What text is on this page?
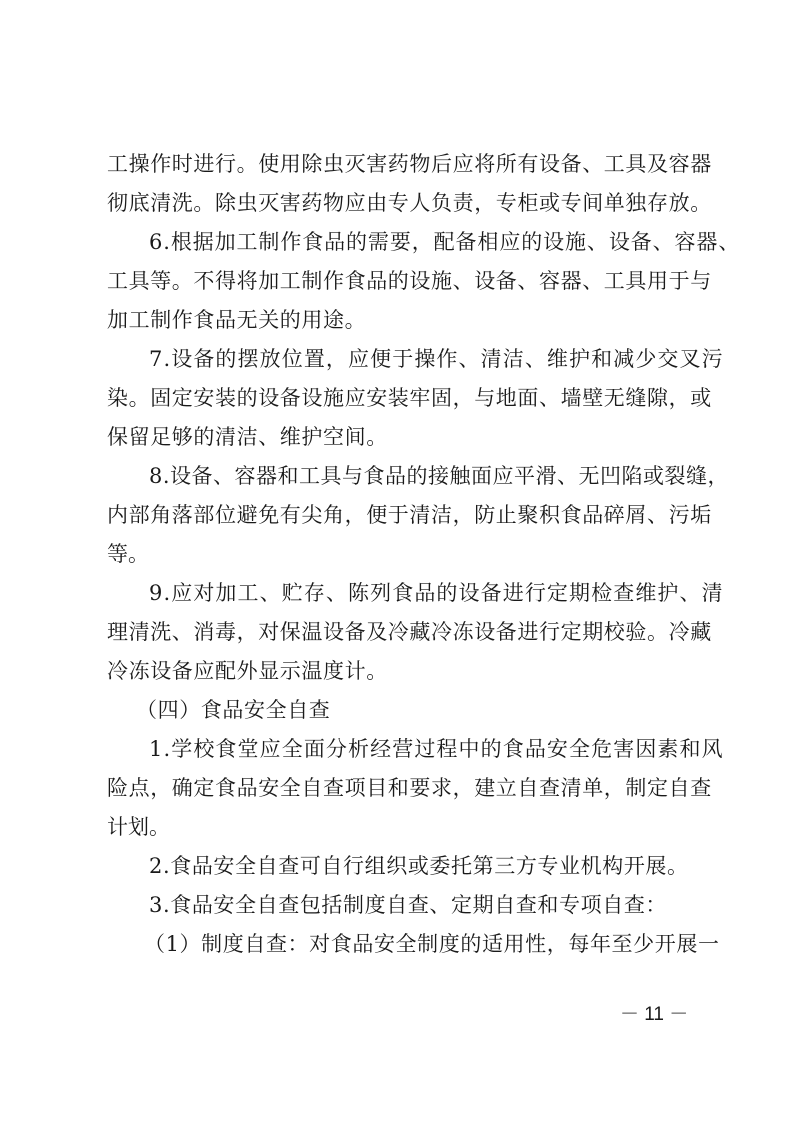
工操作时进行。使用除虫灭害药物后应将所有设备、工具及容器
彻底清洗。除虫灭害药物应由专人负责，专柜或专间单独存放。
6.根据加工制作食品的需要，配备相应的设施、设备、容器、
工具等。不得将加工制作食品的设施、设备、容器、工具用于与
加工制作食品无关的用途。
7.设备的摆放位置，应便于操作、清洁、维护和减少交叉污
染。固定安装的设备设施应安装牢固，与地面、墙壁无缝隙，或
保留足够的清洁、维护空间。
8.设备、容器和工具与食品的接触面应平滑、无凹陷或裂缝，
内部角落部位避免有尖角，便于清洁，防止聚积食品碎屑、污垢
等。
9.应对加工、贮存、陈列食品的设备进行定期检查维护、清
理清洗、消毒，对保温设备及冷藏冷冻设备进行定期校验。冷藏
冷冻设备应配外显示温度计。
（四）食品安全自查
1.学校食堂应全面分析经营过程中的食品安全危害因素和风
险点，确定食品安全自查项目和要求，建立自查清单，制定自查
计划。
2.食品安全自查可自行组织或委托第三方专业机构开展。
3.食品安全自查包括制度自查、定期自查和专项自查：
（1）制度自查：对食品安全制度的适用性，每年至少开展一
－ 11 －
